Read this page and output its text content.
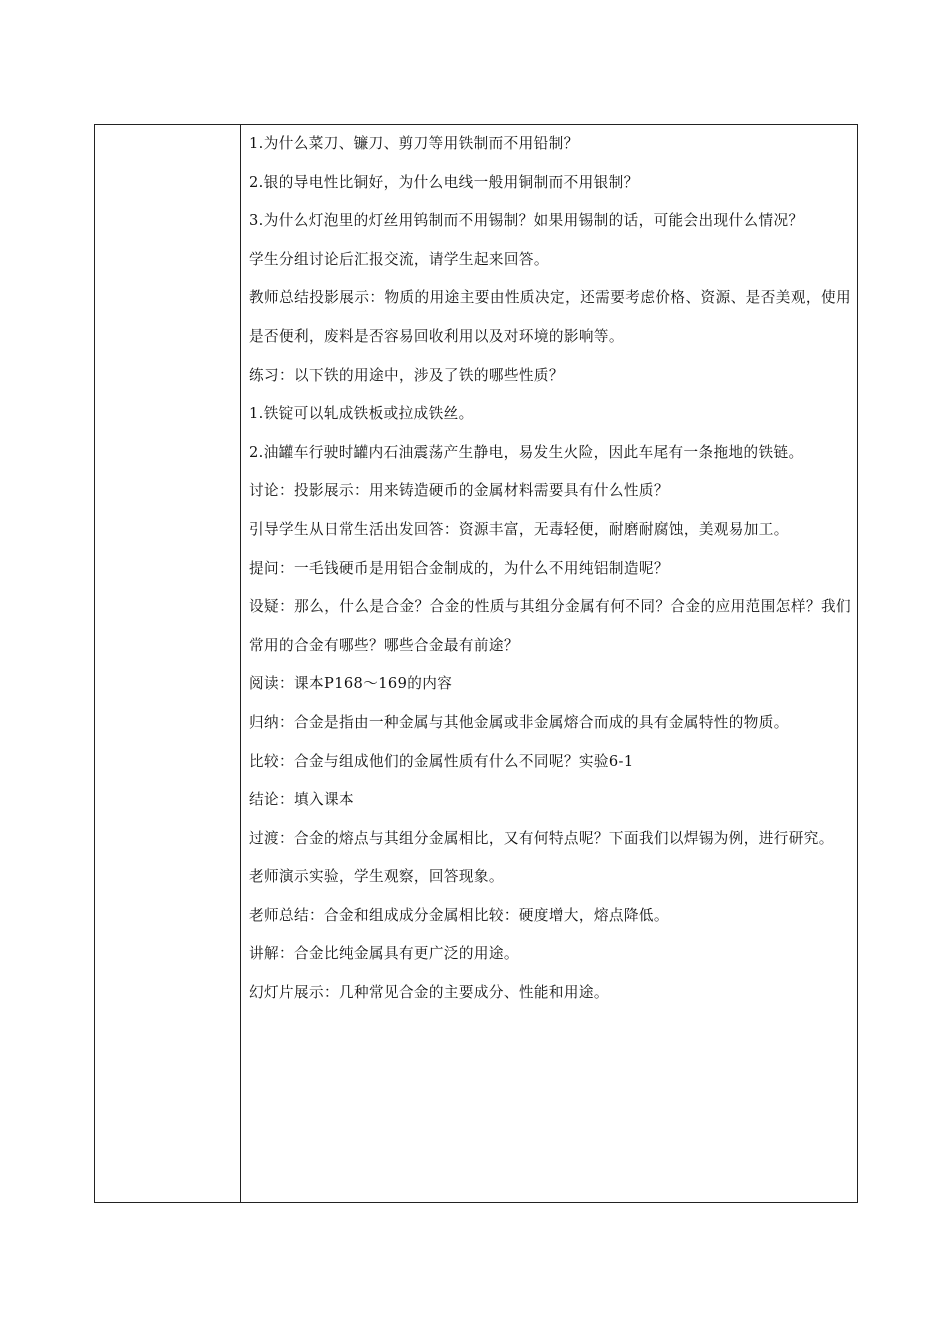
1.为什么菜刀、镰刀、剪刀等用铁制而不用铅制？

2.银的导电性比铜好，为什么电线一般用铜制而不用银制？

3.为什么灯泡里的灯丝用钨制而不用锡制？如果用锡制的话，可能会出现什么情况？

学生分组讨论后汇报交流，请学生起来回答。

教师总结投影展示：物质的用途主要由性质决定，还需要考虑价格、资源、是否美观，使用是否便利，废料是否容易回收利用以及对环境的影响等。

练习：以下铁的用途中，涉及了铁的哪些性质？

1.铁锭可以轧成铁板或拉成铁丝。

2.油罐车行驶时罐内石油震荡产生静电，易发生火险，因此车尾有一条拖地的铁链。

讨论：投影展示：用来铸造硬币的金属材料需要具有什么性质？

引导学生从日常生活出发回答：资源丰富，无毒轻便，耐磨耐腐蚀，美观易加工。

提问：一毛钱硬币是用铝合金制成的，为什么不用纯铝制造呢？

设疑：那么，什么是合金？合金的性质与其组分金属有何不同？合金的应用范围怎样？我们常用的合金有哪些？哪些合金最有前途？

阅读：课本P168～169的内容

归纳：合金是指由一种金属与其他金属或非金属熔合而成的具有金属特性的物质。

比较：合金与组成他们的金属性质有什么不同呢？实验6-1

结论：填入课本

过渡：合金的熔点与其组分金属相比，又有何特点呢？下面我们以焊锡为例，进行研究。

老师演示实验，学生观察，回答现象。

老师总结：合金和组成成分金属相比较：硬度增大，熔点降低。

讲解：合金比纯金属具有更广泛的用途。

幻灯片展示：几种常见合金的主要成分、性能和用途。
